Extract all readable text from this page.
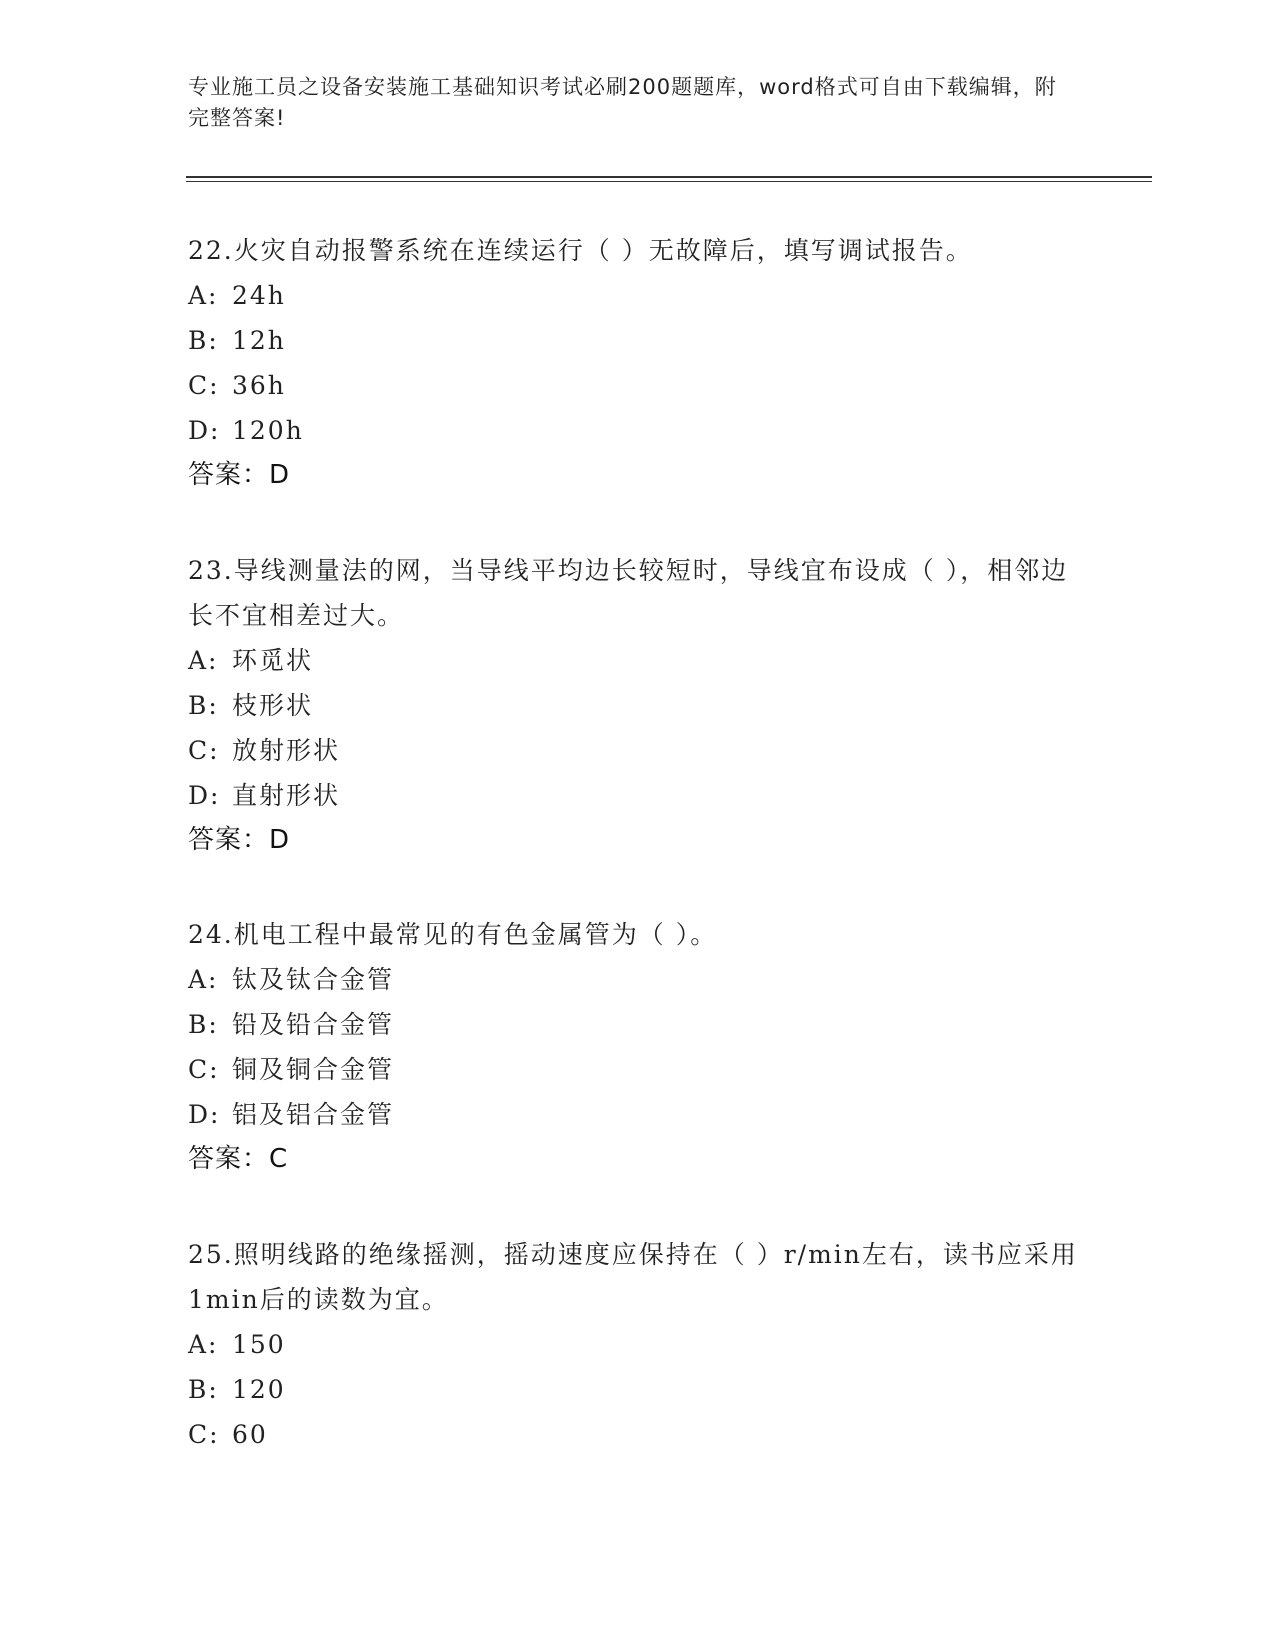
专业施工员之设备安装施工基础知识考试必刷200题题库，word格式可自由下载编辑，附完整答案!
22.火灾自动报警系统在连续运行（ ）无故障后，填写调试报告。
A: 24h
B: 12h
C: 36h
D: 120h
答案：D
23.导线测量法的网，当导线平均边长较短时，导线宜布设成（ ），相邻边长不宜相差过大。
A: 环觅状
B: 枝形状
C: 放射形状
D: 直射形状
答案：D
24.机电工程中最常见的有色金属管为（ ）。
A: 钛及钛合金管
B: 铅及铅合金管
C: 铜及铜合金管
D: 铝及铝合金管
答案：C
25.照明线路的绝缘摇测，摇动速度应保持在（ ）r/min左右，读书应采用1min后的读数为宜。
A: 150
B: 120
C: 60
